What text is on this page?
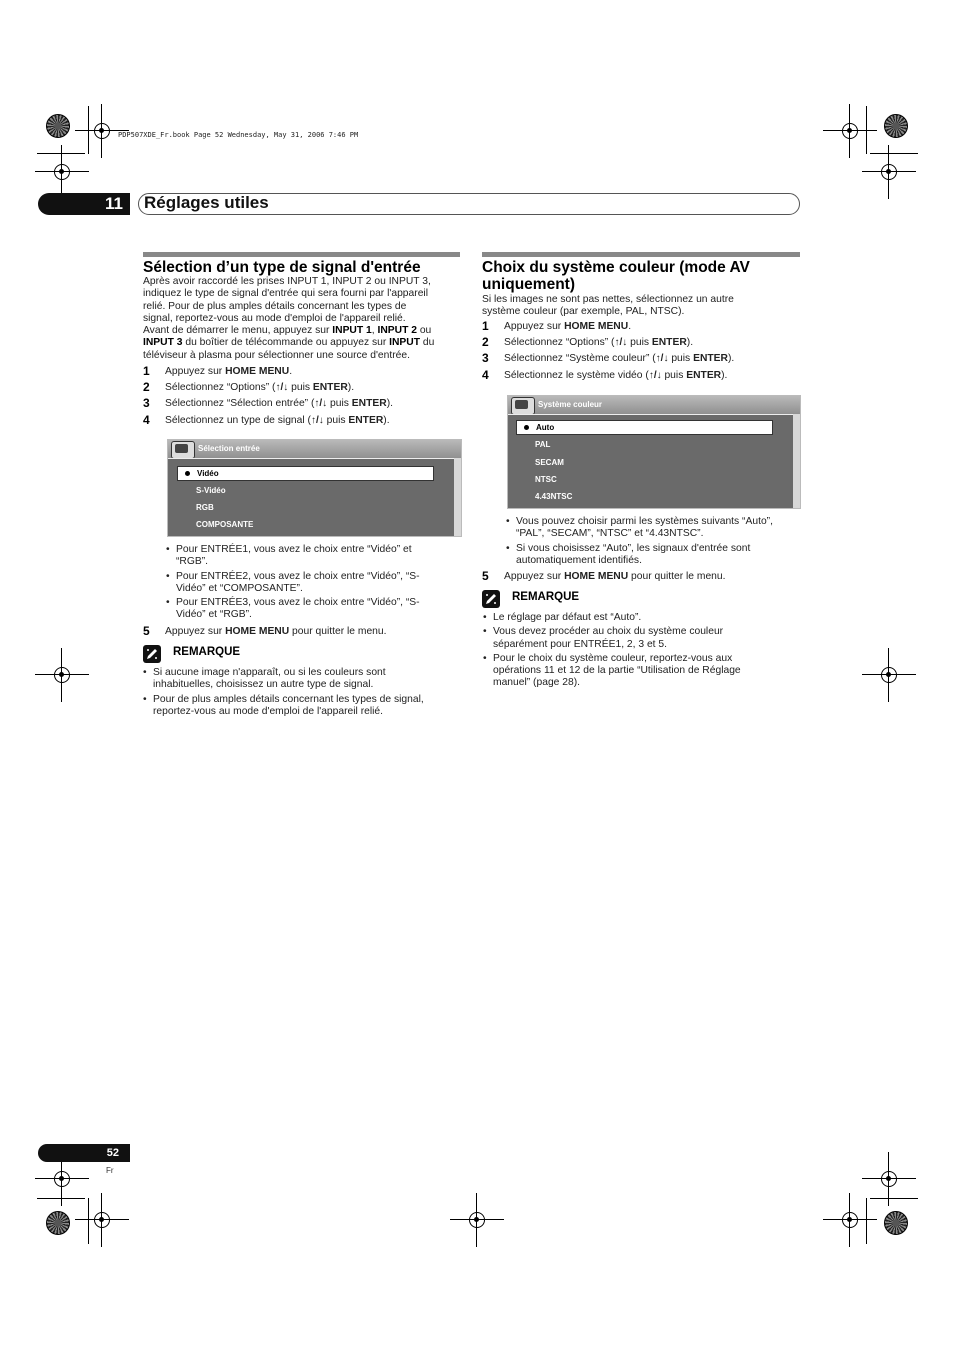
PDP507XDE_Fr.book Page 52 Wednesday, May 31, 2006 7:46 PM
11	Réglages utiles
Sélection d’un type de signal d'entrée
Après avoir raccordé les prises INPUT 1, INPUT 2 ou INPUT 3,
indiquez le type de signal d'entrée qui sera fourni par l'appareil
relié. Pour de plus amples détails concernant les types de
signal, reportez-vous au mode d'emploi de l'appareil relié.
Avant de démarrer le menu, appuyez sur INPUT 1, INPUT 2 ou
INPUT 3 du boîtier de télécommande ou appuyez sur INPUT du
téléviseur à plasma pour sélectionner une source d'entrée.
1 Appuyez sur HOME MENU.
2 Sélectionnez “Options” (↑/↓ puis ENTER).
3 Sélectionnez “Sélection entrée” (↑/↓ puis ENTER).
4 Sélectionnez un type de signal (↑/↓ puis ENTER).
Sélection entrée
Vidéo
S-Vidéo
RGB
COMPOSANTE
• Pour ENTRÉE1, vous avez le choix entre “Vidéo” et
“RGB”.
• Pour ENTRÉE2, vous avez le choix entre “Vidéo”, “S-
Vidéo” et “COMPOSANTE”.
• Pour ENTRÉE3, vous avez le choix entre “Vidéo”, “S-
Vidéo” et “RGB”.
5 Appuyez sur HOME MENU pour quitter le menu.
REMARQUE
• Si aucune image n'apparaît, ou si les couleurs sont
inhabituelles, choisissez un autre type de signal.
• Pour de plus amples détails concernant les types de signal,
reportez-vous au mode d'emploi de l'appareil relié.
Choix du système couleur (mode AV
uniquement)
Si les images ne sont pas nettes, sélectionnez un autre
système couleur (par exemple, PAL, NTSC).
1 Appuyez sur HOME MENU.
2 Sélectionnez “Options” (↑/↓ puis ENTER).
3 Sélectionnez “Système couleur” (↑/↓ puis ENTER).
4 Sélectionnez le système vidéo (↑/↓ puis ENTER).
Système couleur
Auto
PAL
SECAM
NTSC
4.43NTSC
• Vous pouvez choisir parmi les systèmes suivants “Auto”,
“PAL”, “SECAM”, “NTSC” et “4.43NTSC”.
• Si vous choisissez “Auto”, les signaux d'entrée sont
automatiquement identifiés.
5 Appuyez sur HOME MENU pour quitter le menu.
REMARQUE
• Le réglage par défaut est “Auto”.
• Vous devez procéder au choix du système couleur
séparément pour ENTRÉE1, 2, 3 et 5.
• Pour le choix du système couleur, reportez-vous aux
opérations 11 et 12 de la partie “Utilisation de Réglage
manuel” (page 28).
52
Fr
